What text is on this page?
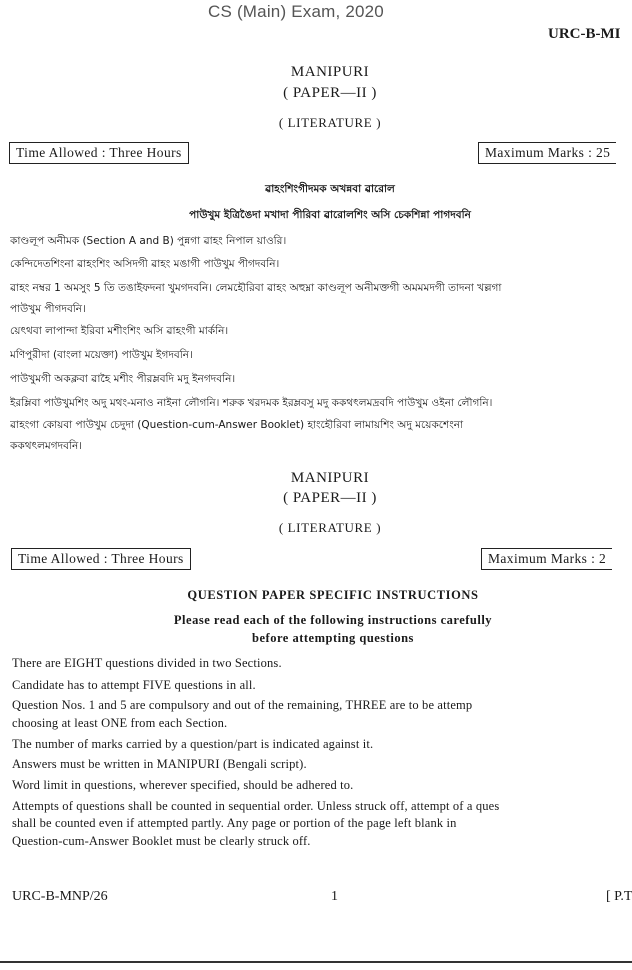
CS (Main) Exam, 2020
URC-B-MI
MANIPURI
( PAPER—II )
( LITERATURE )
Time Allowed : Three Hours	Maximum Marks : 25
ৱাহংশিংগীদমক অখন্নবা ৱারোল
পাউখুম ইত্রিঙৈদা মখাদা পীরিবা ৱারোলশিং অসি চেকশিন্না পাগদবনি
কাণ্ডলূপ অনীমক (Section A and B) পুন্নগা ৱাহং নিপাল য়াওরি।
কেন্দিদেতশিংনা ৱাহংশিং অসিদগী ৱাহং মঙাগী পাউখুম পীগদবনি।
ৱাহং নম্বর 1 অমসুং 5 তি তঙাইফদনা খুমগদবনি। লেমহৌরিবা ৱাহং অহুম্না কাণ্ডলূপ অনীমক্তগী অমমমদগী তাদনা খল্লগা
পাউখুম পীগদবনি।
য়েৎথবা লাপান্দা ইরিবা মশীংশিং অসি ৱাহংগী মার্কনি।
মণিপুরীদা (বাংলা ময়েক্তা) পাউখুম ইগদবনি।
পাউখুমগী অকক্লবা ৱাহৈ মশীং পীরম্লবদি মদু ইনগদবনি।
ইরম্লিবা পাউখুমশিং অদু মথং-মনাও নাইনা লৌগনি। শরুক খরদমক ইরম্লবসু মদু ককথৎলমদ্রবদি পাউখুম ওইনা লৌগনি।
ৱাহংগা কোয়বা পাউখুম চেদুদা (Question-cum-Answer Booklet) হাংহৌরিবা লামায়শিং অদু ময়েকশেংনা
ককথৎলমগদবনি।
MANIPURI
( PAPER—II )
( LITERATURE )
Time Allowed : Three Hours	Maximum Marks : 2
QUESTION PAPER SPECIFIC INSTRUCTIONS
Please read each of the following instructions carefully
before attempting questions
There are EIGHT questions divided in two Sections.
Candidate has to attempt FIVE questions in all.
Question Nos. 1 and 5 are compulsory and out of the remaining, THREE are to be attemp
choosing at least ONE from each Section.
The number of marks carried by a question/part is indicated against it.
Answers must be written in MANIPURI (Bengali script).
Word limit in questions, wherever specified, should be adhered to.
Attempts of questions shall be counted in sequential order. Unless struck off, attempt of a ques
shall be counted even if attempted partly. Any page or portion of the page left blank in
Question-cum-Answer Booklet must be clearly struck off.
URC-B-MNP/26	1	[ P.T
